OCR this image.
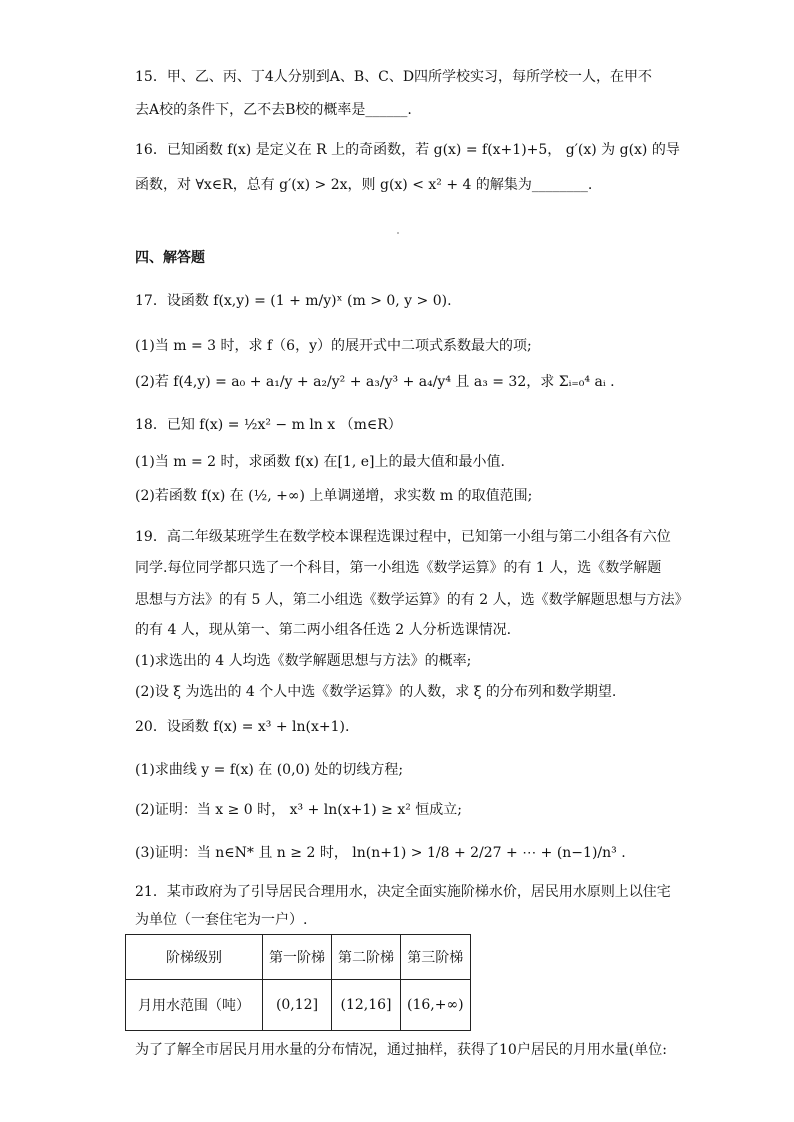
15．甲、乙、丙、丁4人分别到A、B、C、D四所学校实习，每所学校一人，在甲不
去A校的条件下，乙不去B校的概率是______.
16．已知函数 f(x) 是定义在 R 上的奇函数，若 g(x) = f(x+1)+5， g′(x) 为 g(x) 的导
函数，对 ∀x∈R，总有 g′(x) > 2x，则 g(x) < x² + 4 的解集为________.
四、解答题
17．设函数 f(x,y) = (1 + m/y)ˣ (m > 0, y > 0).
(1)当 m = 3 时，求 f（6，y）的展开式中二项式系数最大的项;
(2)若 f(4,y) = a₀ + a₁/y + a₂/y² + a₃/y³ + a₄/y⁴ 且 a₃ = 32，求 Σᵢ₌₀⁴ aᵢ .
18．已知 f(x) = ½x² − m ln x （m∈R）
(1)当 m = 2 时，求函数 f(x) 在[1, e]上的最大值和最小值.
(2)若函数 f(x) 在 (½, +∞) 上单调递增，求实数 m 的取值范围;
19．高二年级某班学生在数学校本课程选课过程中，已知第一小组与第二小组各有六位
同学.每位同学都只选了一个科目，第一小组选《数学运算》的有 1 人，选《数学解题
思想与方法》的有 5 人，第二小组选《数学运算》的有 2 人，选《数学解题思想与方法》
的有 4 人，现从第一、第二两小组各任选 2 人分析选课情况.
(1)求选出的 4 人均选《数学解题思想与方法》的概率;
(2)设 ξ 为选出的 4 个人中选《数学运算》的人数，求 ξ 的分布列和数学期望.
20．设函数 f(x) = x³ + ln(x+1).
(1)求曲线 y = f(x) 在 (0,0) 处的切线方程;
(2)证明：当 x ≥ 0 时， x³ + ln(x+1) ≥ x² 恒成立;
(3)证明：当 n∈N* 且 n ≥ 2 时， ln(n+1) > 1/8 + 2/27 + ⋯ + (n−1)/n³ .
21．某市政府为了引导居民合理用水，决定全面实施阶梯水价，居民用水原则上以住宅
为单位（一套住宅为一户）.
阶梯级别	第一阶梯	第二阶梯	第三阶梯
月用水范围（吨）	(0,12]	(12,16]	(16,+∞)
为了了解全市居民月用水量的分布情况，通过抽样，获得了10户居民的月用水量(单位:
